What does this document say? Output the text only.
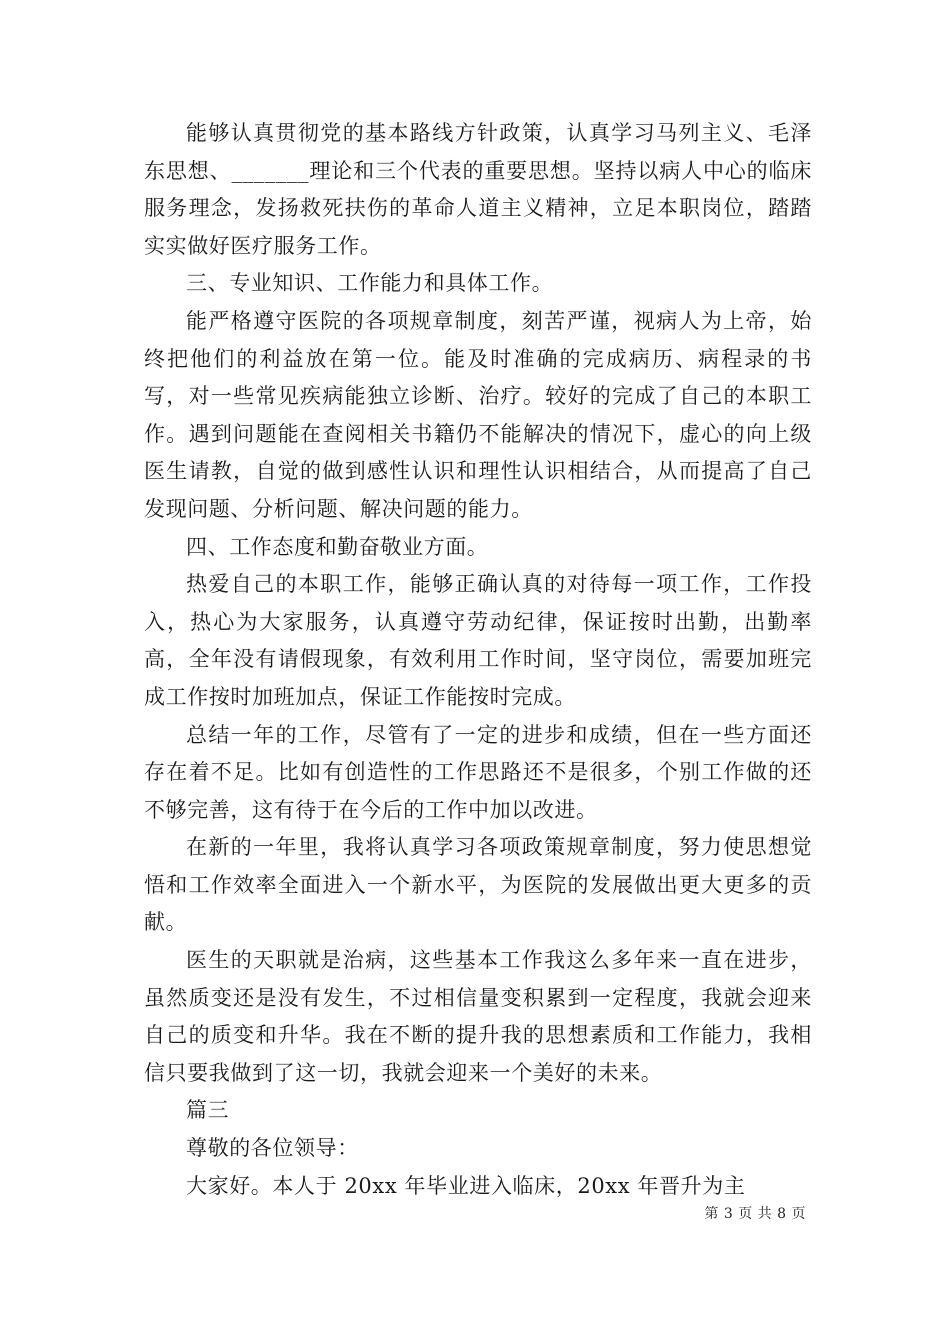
能够认真贯彻党的基本路线方针政策，认真学习马列主义、毛泽东思想、_______理论和三个代表的重要思想。坚持以病人中心的临床服务理念，发扬救死扶伤的革命人道主义精神，立足本职岗位，踏踏实实做好医疗服务工作。

三、专业知识、工作能力和具体工作。

能严格遵守医院的各项规章制度，刻苦严谨，视病人为上帝，始终把他们的利益放在第一位。能及时准确的完成病历、病程录的书写，对一些常见疾病能独立诊断、治疗。较好的完成了自己的本职工作。遇到问题能在查阅相关书籍仍不能解决的情况下，虚心的向上级医生请教，自觉的做到感性认识和理性认识相结合，从而提高了自己发现问题、分析问题、解决问题的能力。

四、工作态度和勤奋敬业方面。

热爱自己的本职工作，能够正确认真的对待每一项工作，工作投入，热心为大家服务，认真遵守劳动纪律，保证按时出勤，出勤率高，全年没有请假现象，有效利用工作时间，坚守岗位，需要加班完成工作按时加班加点，保证工作能按时完成。

总结一年的工作，尽管有了一定的进步和成绩，但在一些方面还存在着不足。比如有创造性的工作思路还不是很多，个别工作做的还不够完善，这有待于在今后的工作中加以改进。

在新的一年里，我将认真学习各项政策规章制度，努力使思想觉悟和工作效率全面进入一个新水平，为医院的发展做出更大更多的贡献。

医生的天职就是治病，这些基本工作我这么多年来一直在进步，虽然质变还是没有发生，不过相信量变积累到一定程度，我就会迎来自己的质变和升华。我在不断的提升我的思想素质和工作能力，我相信只要我做到了这一切，我就会迎来一个美好的未来。

篇三

尊敬的各位领导：

大家好。本人于 20xx 年毕业进入临床，20xx 年晋升为主

第 3 页 共 8 页
